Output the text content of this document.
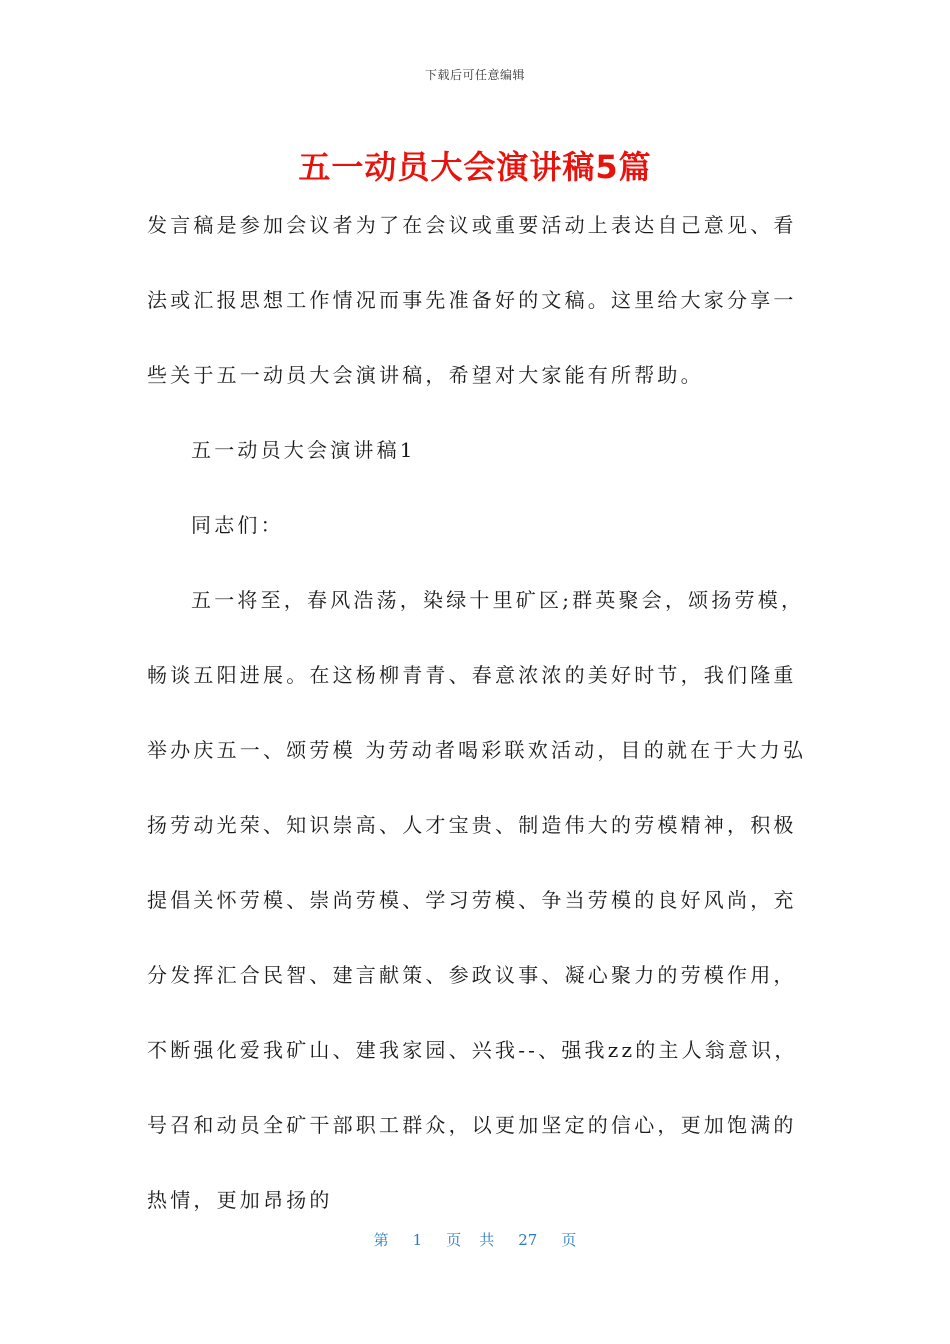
下载后可任意编辑
五一动员大会演讲稿5篇

发言稿是参加会议者为了在会议或重要活动上表达自己意见、看法或汇报思想工作情况而事先准备好的文稿。这里给大家分享一些关于五一动员大会演讲稿，希望对大家能有所帮助。

五一动员大会演讲稿1

同志们：

五一将至，春风浩荡，染绿十里矿区;群英聚会，颂扬劳模，畅谈五阳进展。在这杨柳青青、春意浓浓的美好时节，我们隆重举办庆五一、颂劳模 为劳动者喝彩联欢活动，目的就在于大力弘扬劳动光荣、知识崇高、人才宝贵、制造伟大的劳模精神，积极提倡关怀劳模、崇尚劳模、学习劳模、争当劳模的良好风尚，充分发挥汇合民智、建言献策、参政议事、凝心聚力的劳模作用，不断强化爱我矿山、建我家园、兴我--、强我zz的主人翁意识，号召和动员全矿干部职工群众，以更加坚定的信心，更加饱满的热情，更加昂扬的

第 1 页 共 27 页
